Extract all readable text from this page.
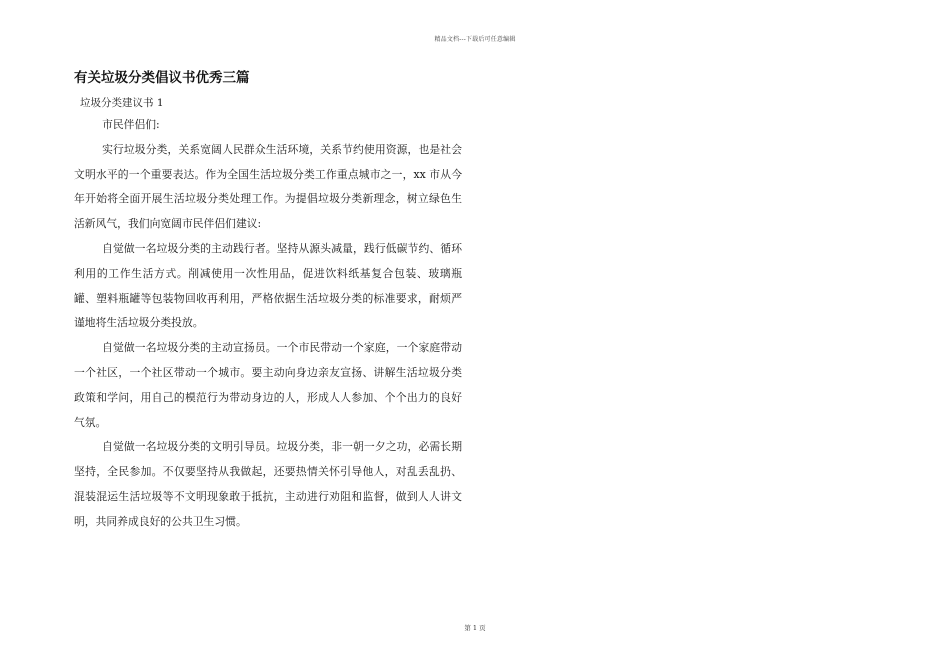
精品文档---下载后可任意编辑
有关垃圾分类倡议书优秀三篇
垃圾分类建议书 1

市民伴侣们:

实行垃圾分类，关系宽阔人民群众生活环境，关系节约使用资源，也是社会文明水平的一个重要表达。作为全国生活垃圾分类工作重点城市之一，xx 市从今年开始将全面开展生活垃圾分类处理工作。为提倡垃圾分类新理念，树立绿色生活新风气，我们向宽阔市民伴侣们建议:

自觉做一名垃圾分类的主动践行者。坚持从源头减量，践行低碳节约、循环利用的工作生活方式。削减使用一次性用品，促进饮料纸基复合包装、玻璃瓶罐、塑料瓶罐等包装物回收再利用，严格依据生活垃圾分类的标准要求，耐烦严谨地将生活垃圾分类投放。

自觉做一名垃圾分类的主动宣扬员。一个市民带动一个家庭，一个家庭带动一个社区，一个社区带动一个城市。要主动向身边亲友宣扬、讲解生活垃圾分类政策和学问，用自己的模范行为带动身边的人，形成人人参加、个个出力的良好气氛。

自觉做一名垃圾分类的文明引导员。垃圾分类，非一朝一夕之功，必需长期坚持，全民参加。不仅要坚持从我做起，还要热情关怀引导他人，对乱丢乱扔、混装混运生活垃圾等不文明现象敢于抵抗，主动进行劝阻和监督，做到人人讲文明，共同养成良好的公共卫生习惯。

第 1 页
